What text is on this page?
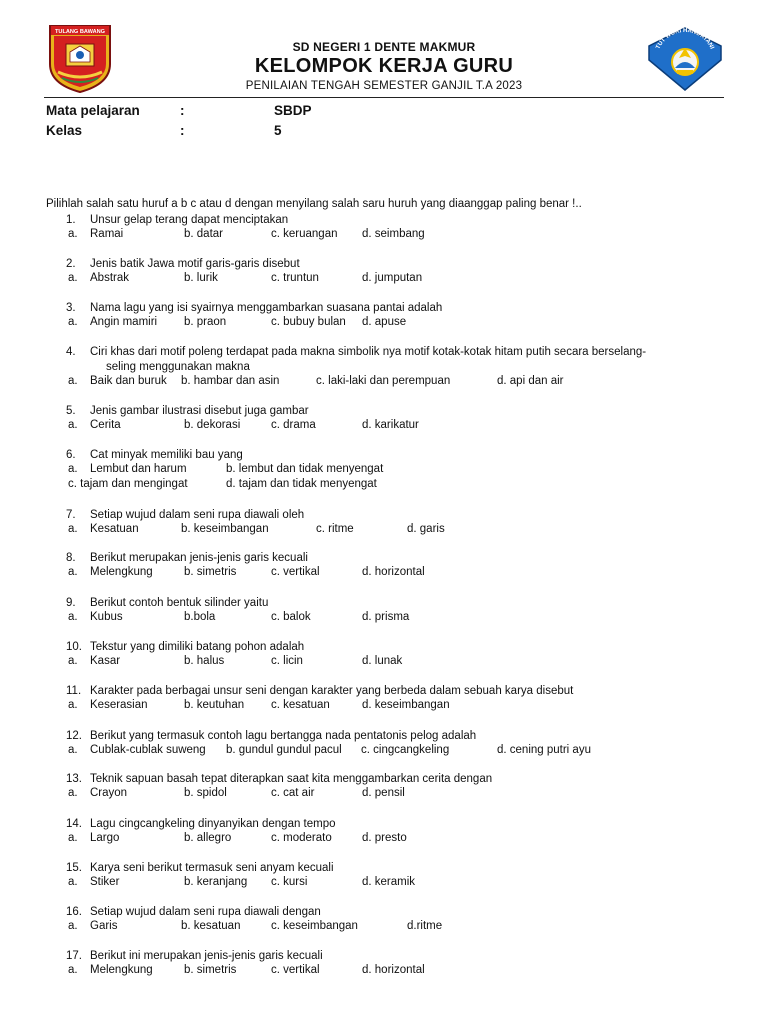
TULANG BAWANG
TUT WURI HANDAYANI
SD NEGERI 1 DENTE MAKMUR
KELOMPOK KERJA GURU
PENILAIAN TENGAH SEMESTER GANJIL T.A 2023
Mata pelajaran	:	SBDP
Kelas	:	5
Pilihlah salah satu huruf a b c atau d dengan menyilang salah saru huruh yang diaanggap paling benar !..
1. Unsur gelap terang dapat menciptakan
a. Ramai	b. datar	c. keruangan d. seimbang
2. Jenis batik Jawa motif garis-garis disebut
a. Abstrak	b. lurik	c. truntun	d. jumputan
3. Nama lagu yang isi syairnya menggambarkan suasana pantai adalah
a. Angin mamiri b. praon	c. bubuy bulan d. apuse
4. Ciri khas dari motif poleng terdapat pada makna simbolik nya motif kotak-kotak hitam putih secara berselang-
seling menggunakan makna
a. Baik dan buruk b. hambar dan asin	c. laki-laki dan perempuan	d. api dan air
5. Jenis gambar ilustrasi disebut juga gambar
a. Cerita	b. dekorasi	c. drama	d. karikatur
6. Cat minyak memiliki bau yang
a. Lembut dan harum	b. lembut dan tidak menyengat
c. tajam dan mengingat	d. tajam dan tidak menyengat
7. Setiap wujud dalam seni rupa diawali oleh
a. Kesatuan	b. keseimbangan	c. ritme	d. garis
8. Berikut merupakan jenis-jenis garis kecuali
a. Melengkung	b. simetris	c. vertikal	d. horizontal
9. Berikut contoh bentuk silinder yaitu
a. Kubus	b.bola	c. balok	d. prisma
10. Tekstur yang dimiliki batang pohon adalah
a. Kasar	b. halus	c. licin	d. lunak
11. Karakter pada berbagai unsur seni dengan karakter yang berbeda dalam sebuah karya disebut
a. Keserasian	b. keutuhan c. kesatuan	d. keseimbangan
12. Berikut yang termasuk contoh lagu bertangga nada pentatonis pelog adalah
a. Cublak-cublak suweng b. gundul gundul pacul c. cingcangkeling	d. cening putri ayu
13. Teknik sapuan basah tepat diterapkan saat kita menggambarkan cerita dengan
a. Crayon	b. spidol	c. cat air	d. pensil
14. Lagu cingcangkeling dinyanyikan dengan tempo
a. Largo	b. allegro	c. moderato	d. presto
15. Karya seni berikut termasuk seni anyam kecuali
a. Stiker	b. keranjang c. kursi	d. keramik
16. Setiap wujud dalam seni rupa diawali dengan
a. Garis	b. kesatuan	c. keseimbangan	d.ritme
17. Berikut ini merupakan jenis-jenis garis kecuali
a. Melengkung	b. simetris	c. vertikal	d. horizontal
